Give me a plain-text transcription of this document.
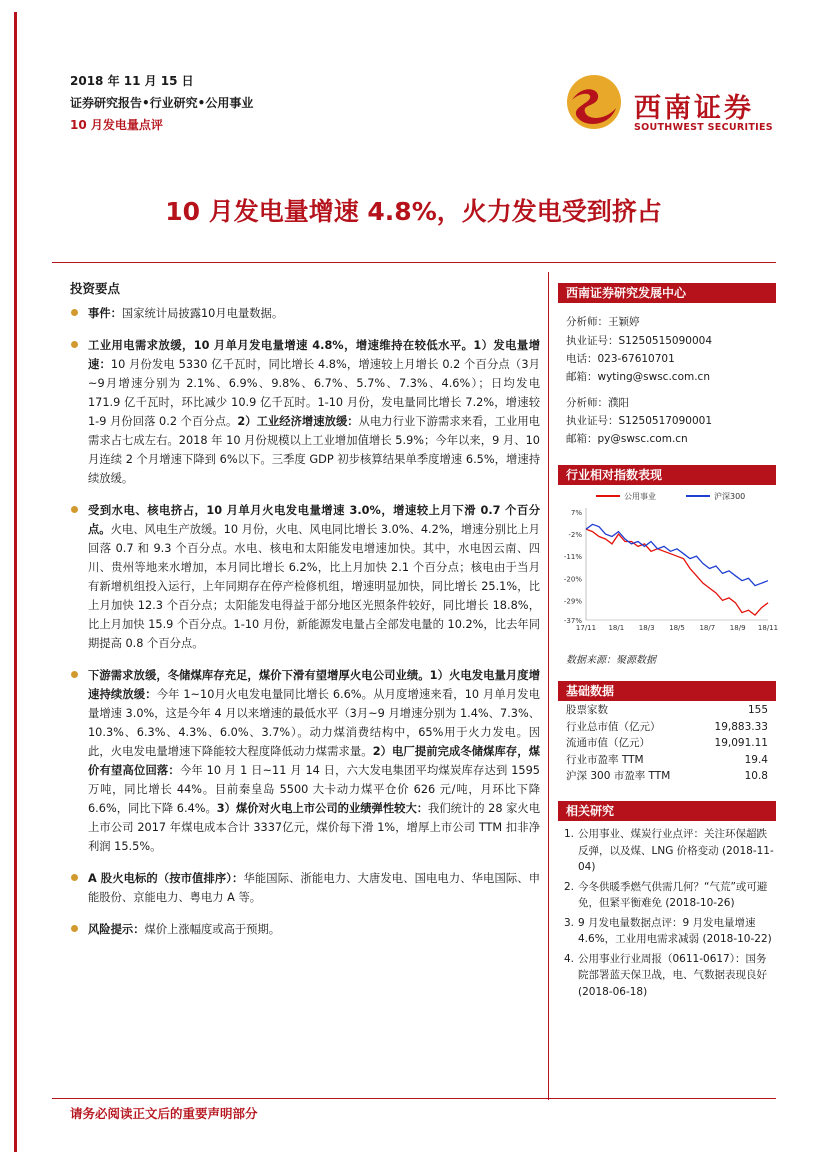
2018 年 11 月 15 日
证券研究报告•行业研究•公用事业
10 月发电量点评
西南证券
SOUTHWEST SECURITIES
10 月发电量增速 4.8%，火力发电受到挤占
投资要点
事件：国家统计局披露10月电量数据。
工业用电需求放缓，10 月单月发电量增速 4.8%，增速维持在较低水平。1）发电量增速：10 月份发电 5330 亿千瓦时，同比增长 4.8%，增速较上月增长 0.2 个百分点（3月~9月增速分别为 2.1%、6.9%、9.8%、6.7%、5.7%、7.3%、4.6%）；日均发电 171.9 亿千瓦时，环比减少 10.9 亿千瓦时。1-10 月份，发电量同比增长 7.2%，增速较 1-9 月份回落 0.2 个百分点。2）工业经济增速放缓：从电力行业下游需求来看，工业用电需求占七成左右。2018 年 10 月份规模以上工业增加值增长 5.9%；今年以来，9 月、10 月连续 2 个月增速下降到 6%以下。三季度 GDP 初步核算结果单季度增速 6.5%，增速持续放缓。
受到水电、核电挤占，10 月单月火电发电量增速 3.0%，增速较上月下滑 0.7 个百分点。火电、风电生产放缓。10 月份，火电、风电同比增长 3.0%、4.2%，增速分别比上月回落 0.7 和 9.3 个百分点。水电、核电和太阳能发电增速加快。其中，水电因云南、四川、贵州等地来水增加，本月同比增长 6.2%，比上月加快 2.1 个百分点；核电由于当月有新增机组投入运行，上年同期存在停产检修机组，增速明显加快，同比增长 25.1%，比上月加快 12.3 个百分点；太阳能发电得益于部分地区光照条件较好，同比增长 18.8%，比上月加快 15.9 个百分点。1-10 月份，新能源发电量占全部发电量的 10.2%，比去年同期提高 0.8 个百分点。
下游需求放缓，冬储煤库存充足，煤价下滑有望增厚火电公司业绩。1）火电发电量月度增速持续放缓：今年 1~10月火电发电量同比增长 6.6%。从月度增速来看，10 月单月发电量增速 3.0%，这是今年 4 月以来增速的最低水平（3月~9 月增速分别为 1.4%、7.3%、10.3%、6.3%、4.3%、6.0%、3.7%）。动力煤消费结构中，65%用于火力发电。因此，火电发电量增速下降能较大程度降低动力煤需求量。2）电厂提前完成冬储煤库存，煤价有望高位回落：今年 10 月 1 日~11 月 14 日，六大发电集团平均煤炭库存达到 1595 万吨，同比增长 44%。目前秦皇岛 5500 大卡动力煤平仓价 626 元/吨，月环比下降 6.6%，同比下降 6.4%。3）煤价对火电上市公司的业绩弹性较大：我们统计的 28 家火电上市公司 2017 年煤电成本合计 3337亿元，煤价每下滑 1%，增厚上市公司 TTM 扣非净利润 15.5%。
A 股火电标的（按市值排序）：华能国际、浙能电力、大唐发电、国电电力、华电国际、申能股份、京能电力、粤电力 A 等。
风险提示：煤价上涨幅度或高于预期。
西南证券研究发展中心
分析师：王颖婷
执业证号：S1250515090004
电话：023-67610701
邮箱：wyting@swsc.com.cn
分析师：濮阳
执业证号：S1250517090001
邮箱：py@swsc.com.cn
行业相对指数表现
公用事业	沪深300
7%
-2%
-11%
-20%
-29%
-37%
17/11 18/1 18/3 18/5 18/7 18/9 18/11
数据来源：聚源数据
基础数据
股票家数	155
行业总市值（亿元）	19,883.33
流通市值（亿元）	19,091.11
行业市盈率 TTM	19.4
沪深 300 市盈率 TTM	10.8
相关研究
1. 公用事业、煤炭行业点评：关注环保超跌反弹，以及煤、LNG 价格变动 (2018-11-04)
2. 今冬供暖季燃气供需几何？“气荒”或可避免，但紧平衡难免 (2018-10-26)
3. 9 月发电量数据点评：9 月发电量增速 4.6%，工业用电需求减弱 (2018-10-22)
4. 公用事业行业周报（0611-0617）：国务院部署蓝天保卫战，电、气数据表现良好 (2018-06-18)
请务必阅读正文后的重要声明部分
